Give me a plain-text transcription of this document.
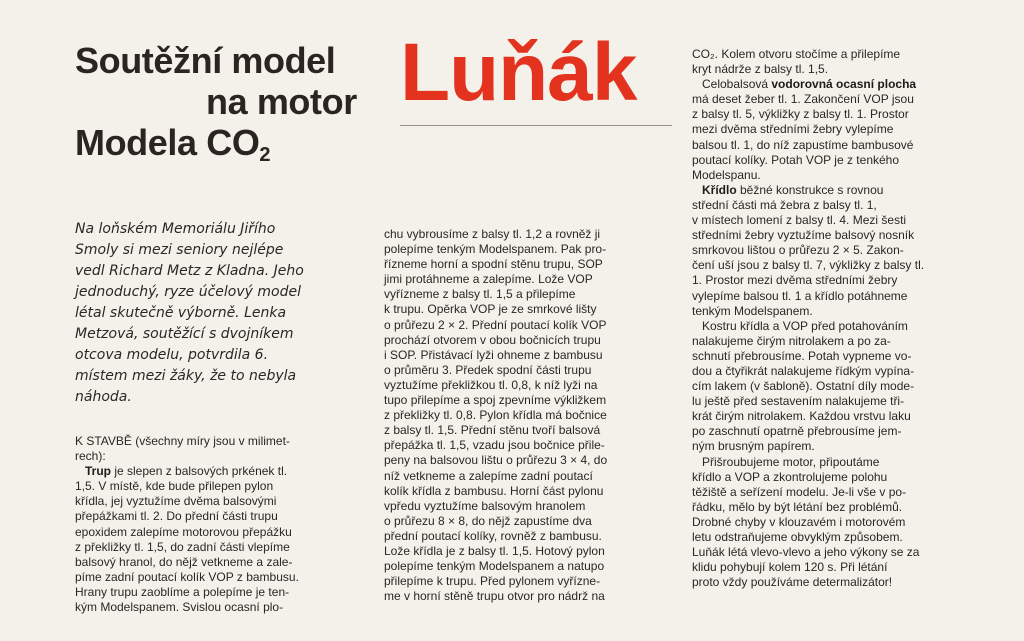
Soutěžní model
na motor
Modela $CO_2$
Luňák
Na loňském Memoriálu Jiřího
Smoly si mezi seniory nejlépe
vedl Richard Metz z Kladna. Jeho
jednoduchý, ryze účelový model
létal skutečně výborně. Lenka
Metzová, soutěžící s dvojníkem
otcova modelu, potvrdila 6.
místem mezi žáky, že to nebyla
náhoda.
K STAVBĚ (všechny míry jsou v milimet-
rech):
Trup je slepen z balsových prkének tl.
1,5. V místě, kde bude přilepen pylon
křídla, jej vyztužíme dvěma balsovými
přepážkami tl. 2. Do přední části trupu
epoxidem zalepíme motorovou přepážku
z překližky tl. 1,5, do zadní části vlepíme
balsový hranol, do nějž vetkneme a zale-
píme zadní poutací kolík VOP z bambusu.
Hrany trupu zaoblíme a polepíme je ten-
kým Modelspanem. Svislou ocasní plo-
chu vybrousíme z balsy tl. 1,2 a rovněž ji
polepíme tenkým Modelspanem. Pak pro-
řízneme horní a spodní stěnu trupu, SOP
jimi protáhneme a zalepíme. Lože VOP
vyřízneme z balsy tl. 1,5 a přilepíme
k trupu. Opěrka VOP je ze smrkové lišty
o průřezu 2 × 2. Přední poutací kolík VOP
prochází otvorem v obou bočnicích trupu
i SOP. Přistávací lyži ohneme z bambusu
o průměru 3. Předek spodní části trupu
vyztužíme překližkou tl. 0,8, k níž lyži na
tupo přilepíme a spoj zpevníme výkližkem
z překližky tl. 0,8. Pylon křídla má bočnice
z balsy tl. 1,5. Přední stěnu tvoří balsová
přepážka tl. 1,5, vzadu jsou bočnice přile-
peny na balsovou lištu o průřezu 3 × 4, do
níž vetkneme a zalepíme zadní poutací
kolík křídla z bambusu. Horní část pylonu
vpředu vyztužíme balsovým hranolem
o průřezu 8 × 8, do nějž zapustíme dva
přední poutací kolíky, rovněž z bambusu.
Lože křídla je z balsy tl. 1,5. Hotový pylon
polepíme tenkým Modelspanem a natupo
přilepíme k trupu. Před pylonem vyřízne-
me v horní stěně trupu otvor pro nádrž na
CO₂. Kolem otvoru stočíme a přilepíme
kryt nádrže z balsy tl. 1,5.
Celobalsová vodorovná ocasní plocha
má deset žeber tl. 1. Zakončení VOP jsou
z balsy tl. 5, výkližky z balsy tl. 1. Prostor
mezi dvěma středními žebry vylepíme
balsou tl. 1, do níž zapustíme bambusové
poutací kolíky. Potah VOP je z tenkého
Modelspanu.
Křídlo běžné konstrukce s rovnou
střední části má žebra z balsy tl. 1,
v místech lomení z balsy tl. 4. Mezi šesti
středními žebry vyztužíme balsový nosník
smrkovou lištou o průřezu 2 × 5. Zakon-
čení uší jsou z balsy tl. 7, výkližky z balsy tl.
1. Prostor mezi dvěma středními žebry
vylepíme balsou tl. 1 a křídlo potáhneme
tenkým Modelspanem.
Kostru křídla a VOP před potahováním
nalakujeme čirým nitrolakem a po za-
schnutí přebrousíme. Potah vypneme vo-
dou a čtyřikrát nalakujeme řídkým vypína-
cím lakem (v šabloně). Ostatní díly mode-
lu ještě před sestavením nalakujeme tři-
krát čirým nitrolakem. Každou vrstvu laku
po zaschnutí opatrně přebrousíme jem-
ným brusným papírem.
Přišroubujeme motor, připoutáme
křídlo a VOP a zkontrolujeme polohu
těžiště a seřízení modelu. Je-li vše v po-
řádku, mělo by být létání bez problémů.
Drobné chyby v klouzavém i motorovém
letu odstraňujeme obvyklým způsobem.
Luňák létá vlevo-vlevo a jeho výkony se za
klidu pohybují kolem 120 s. Při létání
proto vždy používáme determalizátor!
